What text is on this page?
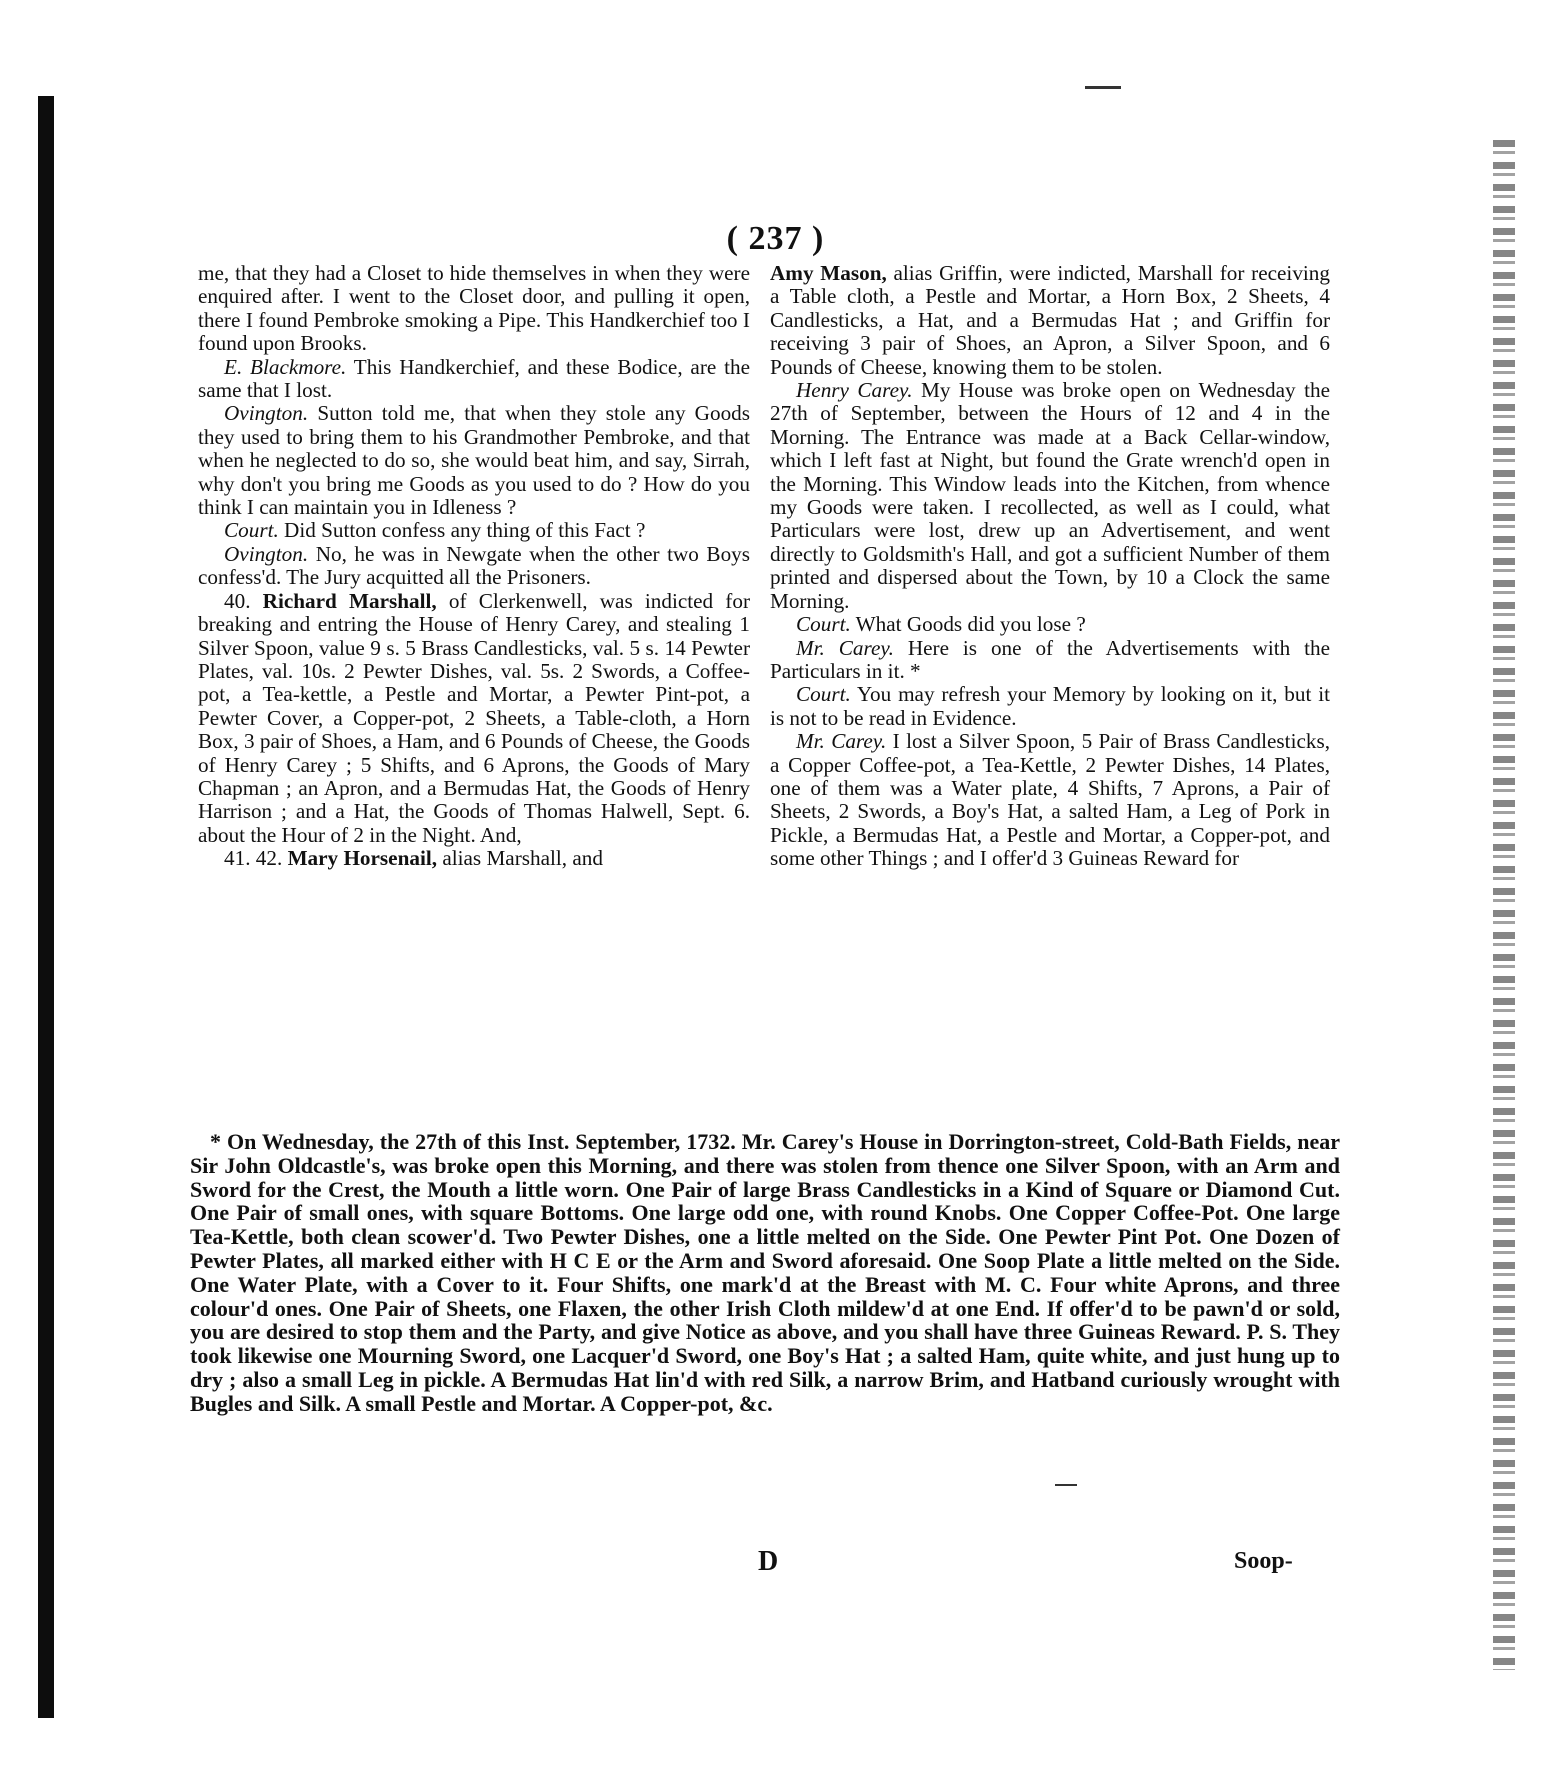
( 237 )

me, that they had a Closet to hide themselves in when they were enquired after. I went to the Closet door, and pulling it open, there I found Pembroke smoking a Pipe. This Handkerchief too I found upon Brooks.

E. Blackmore. This Handkerchief, and these Bodice, are the same that I lost.

Ovington. Sutton told me, that when they stole any Goods they used to bring them to his Grandmother Pembroke, and that when he neglected to do so, she would beat him, and say, Sirrah, why don't you bring me Goods as you used to do ? How do you think I can maintain you in Idleness ?

Court. Did Sutton confess any thing of this Fact ?

Ovington. No, he was in Newgate when the other two Boys confess'd. The Jury acquitted all the Prisoners.

40. Richard Marshall, of Clerkenwell, was indicted for breaking and entring the House of Henry Carey, and stealing 1 Silver Spoon, value 9 s. 5 Brass Candlesticks, val. 5 s. 14 Pewter Plates, val. 10s. 2 Pewter Dishes, val. 5s. 2 Swords, a Coffee-pot, a Tea-kettle, a Pestle and Mortar, a Pewter Pint-pot, a Pewter Cover, a Copper-pot, 2 Sheets, a Table-cloth, a Horn Box, 3 pair of Shoes, a Ham, and 6 Pounds of Cheese, the Goods of Henry Carey ; 5 Shifts, and 6 Aprons, the Goods of Mary Chapman ; an Apron, and a Bermudas Hat, the Goods of Henry Harrison ; and a Hat, the Goods of Thomas Halwell, Sept. 6. about the Hour of 2 in the Night. And,

41. 42. Mary Horsenail, alias Marshall, and

Amy Mason, alias Griffin, were indicted, Marshall for receiving a Table cloth, a Pestle and Mortar, a Horn Box, 2 Sheets, 4 Candlesticks, a Hat, and a Bermudas Hat ; and Griffin for receiving 3 pair of Shoes, an Apron, a Silver Spoon, and 6 Pounds of Cheese, knowing them to be stolen.

Henry Carey. My House was broke open on Wednesday the 27th of September, between the Hours of 12 and 4 in the Morning. The Entrance was made at a Back Cellar-window, which I left fast at Night, but found the Grate wrench'd open in the Morning. This Window leads into the Kitchen, from whence my Goods were taken. I recollected, as well as I could, what Particulars were lost, drew up an Advertisement, and went directly to Goldsmith's Hall, and got a sufficient Number of them printed and dispersed about the Town, by 10 a Clock the same Morning.

Court. What Goods did you lose ?

Mr. Carey. Here is one of the Advertisements with the Particulars in it. *

Court. You may refresh your Memory by looking on it, but it is not to be read in Evidence.

Mr. Carey. I lost a Silver Spoon, 5 Pair of Brass Candlesticks, a Copper Coffee-pot, a Tea-Kettle, 2 Pewter Dishes, 14 Plates, one of them was a Water plate, 4 Shifts, 7 Aprons, a Pair of Sheets, 2 Swords, a Boy's Hat, a salted Ham, a Leg of Pork in Pickle, a Bermudas Hat, a Pestle and Mortar, a Copper-pot, and some other Things ; and I offer'd 3 Guineas Reward for

* On Wednesday, the 27th of this Inst. September, 1732. Mr. Carey's House in Dorrington-street, Cold-Bath Fields, near Sir John Oldcastle's, was broke open this Morning, and there was stolen from thence one Silver Spoon, with an Arm and Sword for the Crest, the Mouth a little worn. One Pair of large Brass Candlesticks in a Kind of Square or Diamond Cut. One Pair of small ones, with square Bottoms. One large odd one, with round Knobs. One Copper Coffee-Pot. One large Tea-Kettle, both clean scower'd. Two Pewter Dishes, one a little melted on the Side. One Pewter Pint Pot. One Dozen of Pewter Plates, all marked either with H C E or the Arm and Sword aforesaid. One Soop Plate a little melted on the Side. One Water Plate, with a Cover to it. Four Shifts, one mark'd at the Breast with M. C. Four white Aprons, and three colour'd ones. One Pair of Sheets, one Flaxen, the other Irish Cloth mildew'd at one End. If offer'd to be pawn'd or sold, you are desired to stop them and the Party, and give Notice as above, and you shall have three Guineas Reward. P. S. They took likewise one Mourning Sword, one Lacquer'd Sword, one Boy's Hat ; a salted Ham, quite white, and just hung up to dry ; also a small Leg in pickle. A Bermudas Hat lin'd with red Silk, a narrow Brim, and Hatband curiously wrought with Bugles and Silk. A small Pestle and Mortar. A Copper-pot, &c.

D	Soop-
